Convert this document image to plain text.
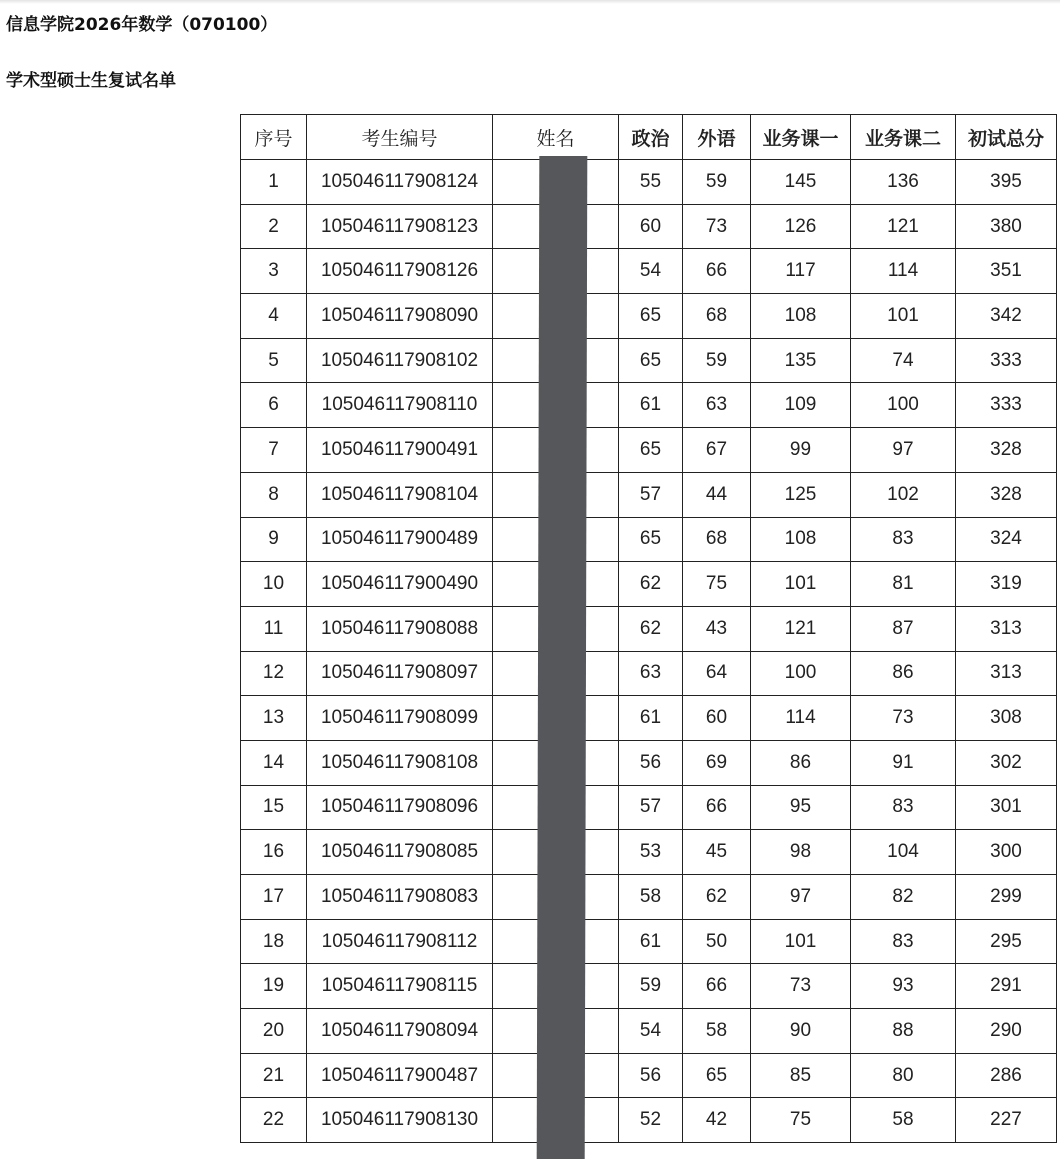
信息学院2026年数学（070100）
学术型硕士生复试名单
序号	考生编号	姓名	政治	外语	业务课一	业务课二	初试总分
1	105046117908124		55	59	145	136	395
2	105046117908123		60	73	126	121	380
3	105046117908126		54	66	117	114	351
4	105046117908090		65	68	108	101	342
5	105046117908102		65	59	135	74	333
6	105046117908110		61	63	109	100	333
7	105046117900491		65	67	99	97	328
8	105046117908104		57	44	125	102	328
9	105046117900489		65	68	108	83	324
10	105046117900490		62	75	101	81	319
11	105046117908088		62	43	121	87	313
12	105046117908097		63	64	100	86	313
13	105046117908099		61	60	114	73	308
14	105046117908108		56	69	86	91	302
15	105046117908096		57	66	95	83	301
16	105046117908085		53	45	98	104	300
17	105046117908083		58	62	97	82	299
18	105046117908112		61	50	101	83	295
19	105046117908115		59	66	73	93	291
20	105046117908094		54	58	90	88	290
21	105046117900487		56	65	85	80	286
22	105046117908130		52	42	75	58	227
